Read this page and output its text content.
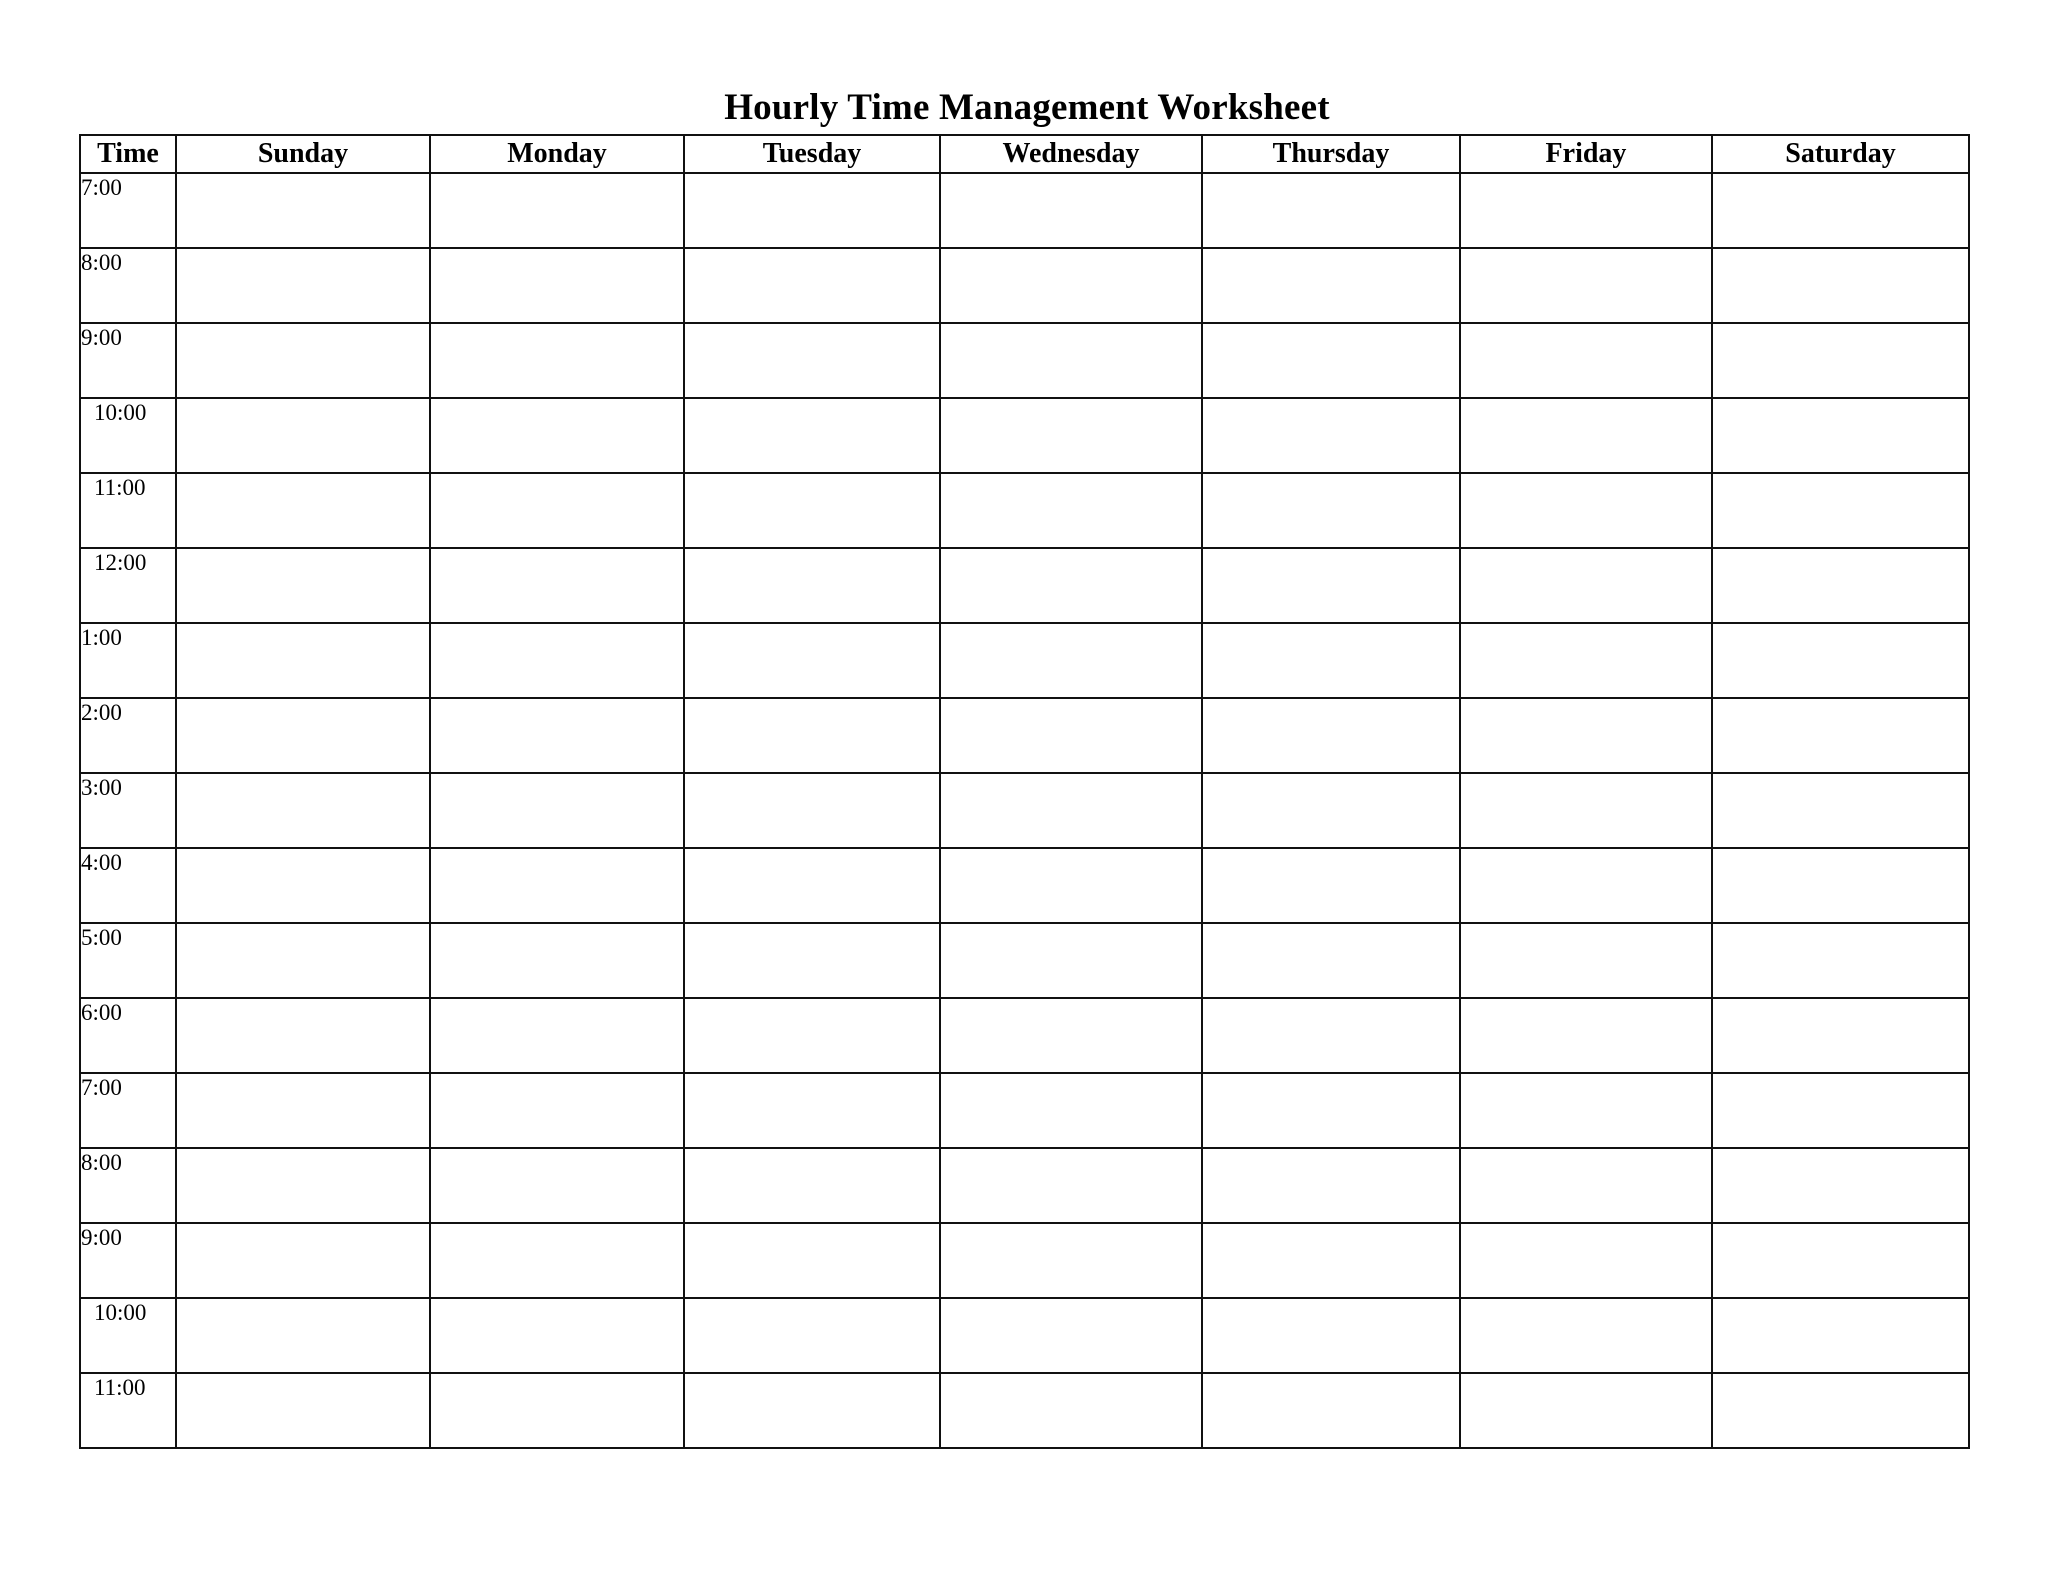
Hourly Time Management Worksheet
Time	Sunday	Monday	Tuesday	Wednesday	Thursday	Friday	Saturday
7:00							
8:00							
9:00							
10:00							
11:00							
12:00							
1:00							
2:00							
3:00							
4:00							
5:00							
6:00							
7:00							
8:00							
9:00							
10:00							
11:00							
